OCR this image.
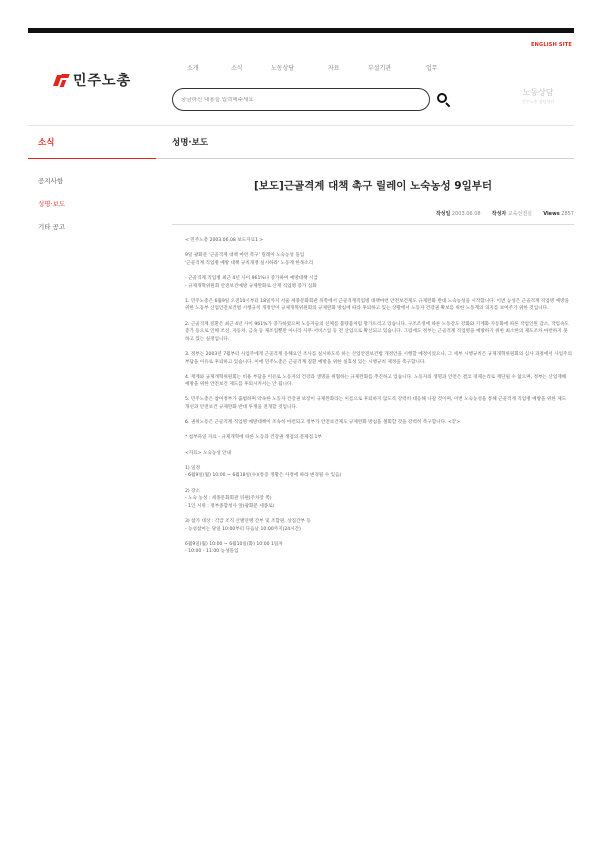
ENGLISH SITE
민주노총
소개	소식	노동상담	자료	부설기관	업무
궁금하신 내용을 입력해주세요
노동상담
민주노총 상담센터
소식	성명·보도
공지사항
성명·보도
기타 공고
[보도]근골격계 대책 촉구 릴레이 노숙농성 9일부터
작성일 2003.06.08 작성자 교육선전실 Views 2857

< 민주노총 2003.06.08 보도자료1 >

9일 광화문 '근골격계 대책 마련 촉구' 릴레이 노숙농성 돌입
'근골격계 직업병 예방 대책 규칙개정 실시하라' 노동계 한목소리

- 근골격계 직업병 최근 4년 사이 961%나 증가하여 예방대책 시급
- 규제개혁위원회 안전보건예방 규제완화로 산재 직업병 증가 심화

1. 민주노총은 6월9일 오전10시부터 18일까지 서울 세종문화회관 뒤쪽에서 근골격계직업병 대책마련 안전보건제도 규제완화 반대 노숙농성을 시작합니다. 이번 농성은 근골격계 직업병 예방을 위한 노동부 산업안전보건법 시행규칙 개정안이 규제개혁위원회의 규제완화 방침에 따라 후퇴하고 있는 상황에서 노동자 건강권 확보를 위한 노동계의 의지를 보여주기 위한 것입니다.

2. 근골격계 질환은 최근 4년 사이 961%가 증가하였으며 노동자들의 신체를 불량품처럼 망가뜨리고 있습니다. 구조조정에 따른 노동강도 강화와 기계화·자동화에 따른 작업인원 감소, 작업속도 증가 등으로 인해 조선, 자동차, 금속 등 제조업뿐만 아니라 사무·서비스업 등 전 산업으로 확산되고 있습니다. 그럼에도 정부는 근골격계 직업병을 예방하기 위한 최소한의 제도조차 마련하지 못하고 있는 실정입니다.

3. 정부는 2003년 7월부터 사업주에게 근골격계 유해요인 조사를 실시하도록 하는 산업안전보건법 개정안을 시행할 예정이었으나, 그 세부 시행규칙은 규제개혁위원회의 심사 과정에서 사업주의 부담을 이유로 후퇴하고 있습니다. 이에 민주노총은 근골격계 질환 예방을 위한 실효성 있는 시행규칙 제정을 촉구합니다.

4. 재계와 규제개혁위원회는 비용 부담을 이유로 노동자의 건강과 생명을 위협하는 규제완화를 추진하고 있습니다. 노동자의 생명과 안전은 결코 경제논리로 재단될 수 없으며, 정부는 산업재해 예방을 위한 안전보건 제도를 후퇴시켜서는 안 됩니다.

5. 민주노총은 참여정부가 출범하며 약속한 노동자 건강권 보장이 규제완화라는 이름으로 후퇴하지 않도록 강력히 대응해 나갈 것이며, 이번 노숙농성을 통해 근골격계 직업병 예방을 위한 제도 개선과 안전보건 규제완화 반대 투쟁을 전개할 것입니다.

6. 권위노동은 근골격계 직업병 예방대책이 조속히 마련되고 정부가 안전보건제도 규제완화 방침을 철회할 것을 강력히 촉구합니다. <끝>

* 첨부파일 자료 - 규제개혁에 따른 노동과 건강권 쟁점의 문제점 1부

<자료> 노숙농성 안내

1) 일정
- 6월9일(월) 10:00 ~ 6월18일(수)(통증 정황은 사정에 따라 변경될 수 있음)

2) 장소
- 노숙 농성 : 세종문화회관 뒤편(주차장 쪽)
- 1인 시위 : 정부종합청사 앞(광화문 세종로)

3) 참가 대상 : 각급 조직 산별연맹 간부 및 조합원, 상집간부 등
- 농성참여는 당일 10:00부터 다음날 10:00까지(24시간)

6월9일(월) 10:00 ~ 6월10일(화) 10:00 1팀차
- 10:00 - 11:00 농성돌입
